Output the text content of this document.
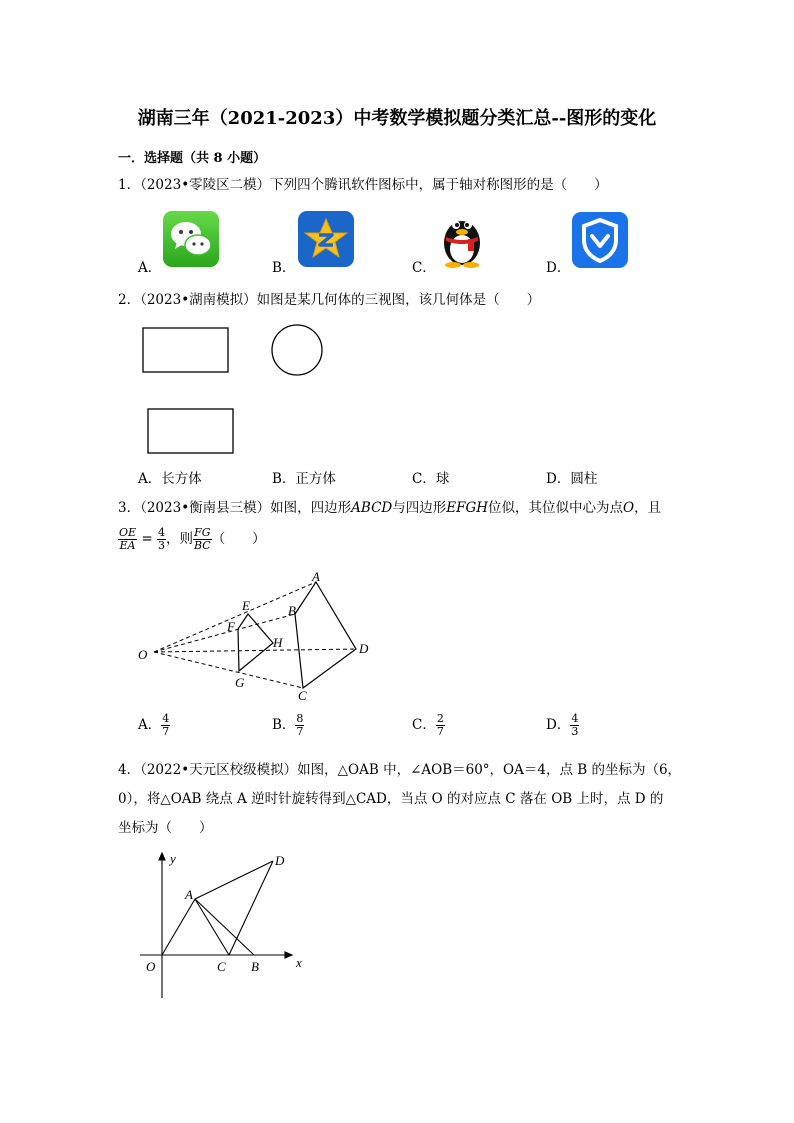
湖南三年（2021-2023）中考数学模拟题分类汇总--图形的变化
一．选择题（共 8 小题）
1．（2023•零陵区二模）下列四个腾讯软件图标中，属于轴对称图形的是（　　）
A．	B．	C．	D．
2．（2023•湖南模拟）如图是某几何体的三视图，该几何体是（　　）
A．长方体	B．正方体	C．球	D．圆柱
3．（2023•衡南县三模）如图，四边形ABCD与四边形EFGH位似，其位似中心为点O，且
$\frac{OE}{EA} = \frac{4}{3}$ ，则 $\frac{FG}{BC}$ （　　）
A
B
E
F
H
O	D
G
C
A． $\frac{4}{7}$	B． $\frac{8}{7}$	C． $\frac{2}{7}$	D． $\frac{4}{3}$
4．（2022•天元区校级模拟）如图，△OAB 中，∠AOB＝60°，OA＝4，点 B 的坐标为（6，
0），将△OAB 绕点 A 逆时针旋转得到△CAD，当点 O 的对应点 C 落在 OB 上时，点 D 的
坐标为（　　）
x
y
O
A
D
C B
